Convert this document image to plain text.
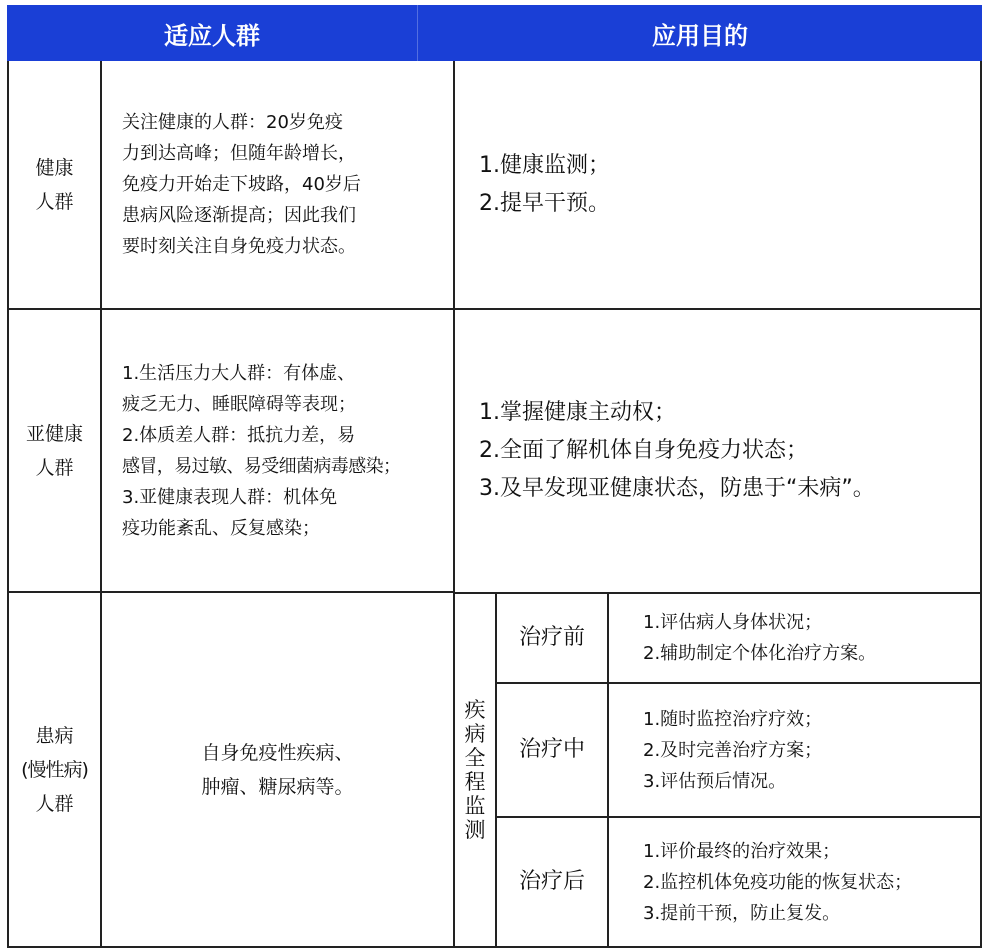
适应人群	应用目的
健康
人群
关注健康的人群：20岁免疫
力到达高峰；但随年龄增长，
免疫力开始走下坡路，40岁后
患病风险逐渐提高；因此我们
要时刻关注自身免疫力状态。
1.健康监测；
2.提早干预。
亚健康
人群
1.生活压力大人群：有体虚、
疲乏无力、睡眠障碍等表现；
2.体质差人群：抵抗力差，易
感冒，易过敏、易受细菌病毒感染；
3.亚健康表现人群：机体免
疫功能紊乱、反复感染；
1.掌握健康主动权；
2.全面了解机体自身免疫力状态；
3.及早发现亚健康状态，防患于“未病”。
患病
(慢性病)
人群
自身免疫性疾病、
肿瘤、糖尿病等。
疾
病
全
程
监
测
治疗前
1.评估病人身体状况；
2.辅助制定个体化治疗方案。
治疗中
1.随时监控治疗疗效；
2.及时完善治疗方案；
3.评估预后情况。
治疗后
1.评价最终的治疗效果；
2.监控机体免疫功能的恢复状态；
3.提前干预，防止复发。
